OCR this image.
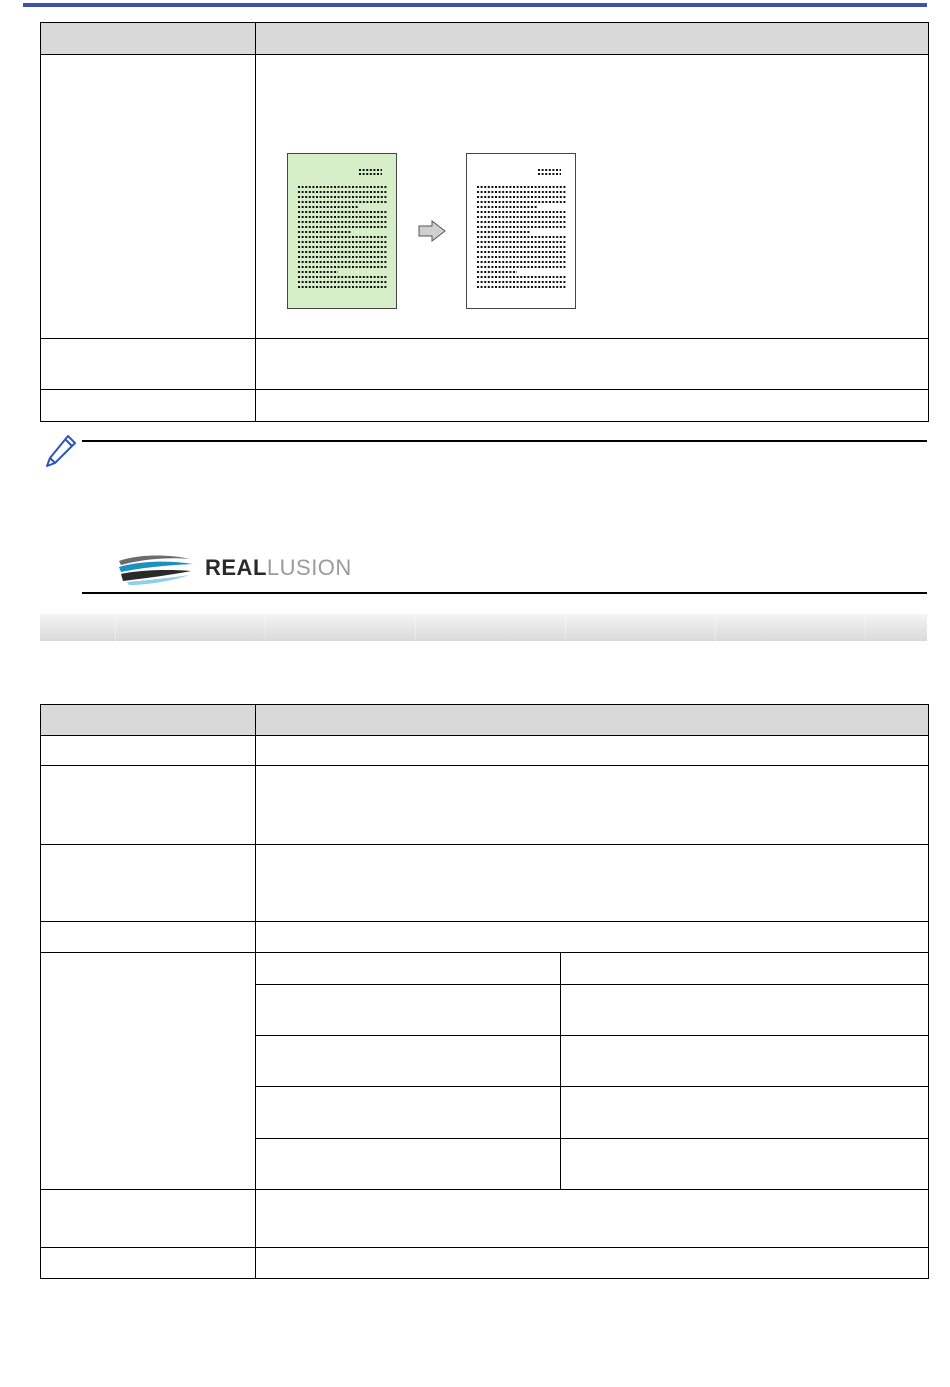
REALLUSION
